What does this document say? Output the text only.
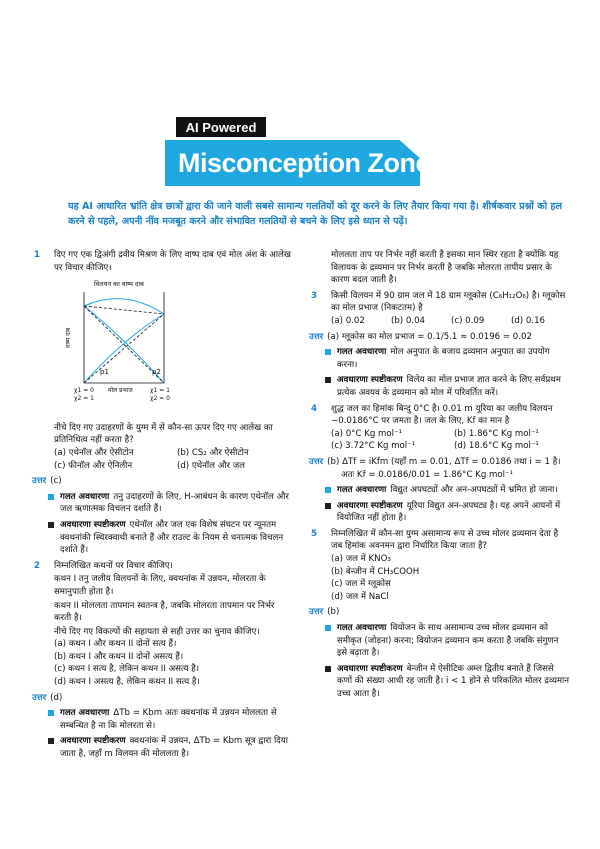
AI Powered
Misconception Zone
यह AI आधारित भ्रांति क्षेत्र छात्रों द्वारा की जाने वाली सबसे सामान्य गलतियों को दूर करने के लिए तैयार किया गया है। शीर्षकवार प्रश्नों को हल करने से पहले, अपनी नींव मजबूत करने और संभावित गलतियों से बचने के लिए इसे ध्यान से पढ़ें।
1 दिए गए एक द्विअंगी द्रवीय मिश्रण के लिए वाष्प दाब एवं मोल अंश के आलेख पर विचार कीजिए।
विलयन का वाष्प दाब
वाष्प दाब
p1	p2
χ1 = 0
χ2 = 1
χ1 = 1
χ2 = 0
मोल प्रभाज
नीचे दिए गए उदाहरणों के युग्म में से कौन-सा ऊपर दिए गए आलेख का प्रतिनिधित्व नहीं करता है?
(a) एथेनॉल और ऐसीटोन	(b) CS₂ और ऐसीटोन
(c) फीनॉल और ऐनिलीन	(d) एथेनॉल और जल
उत्तर (c)
गलत अवधारणा तनु उदाहरणों के लिए, H-आबंधन के कारण एथेनॉल और जल ऋणात्मक विचलन दर्शाते हैं।
अवधारणा स्पष्टीकरण एथेनॉल और जल एक विशेष संघटन पर न्यूनतम क्वथनांकी स्थिरक्वाथी बनाते हैं और राउल्ट के नियम से धनात्मक विचलन दर्शाते हैं।
2 निम्नलिखित कथनों पर विचार कीजिए।
कथन I तनु जलीय विलयनों के लिए, क्वथनांक में उन्नयन, मोलरता के समानुपाती होता है।
कथन II मोललता तापमान स्वतन्त्र है, जबकि मोलरता तापमान पर निर्भर करती है।
नीचे दिए गए विकल्पों की सहायता से सही उत्तर का चुनाव कीजिए।
(a) कथन I और कथन II दोनों सत्य हैं।
(b) कथन I और कथन II दोनों असत्य हैं।
(c) कथन I सत्य है, लेकिन कथन II असत्य है।
(d) कथन I असत्य है, लेकिन कथन II सत्य है।
उत्तर (d)
गलत अवधारणा ΔTb = Kbm अतः क्वथनांक में उन्नयन मोललता से सम्बन्धित है ना कि मोलरता से।
अवधारणा स्पष्टीकरण क्वथनांक में उन्नयन, ΔTb = Kbm सूत्र द्वारा दिया जाता है, जहाँ m विलयन की मोललता है।
मोललता ताप पर निर्भर नहीं करती है इसका मान स्थिर रहता है क्योंकि यह विलायक के द्रव्यमान पर निर्भर करती है जबकि मोलरता तापीय प्रसार के कारण बदल जाती है।
3 किसी विलयन में 90 ग्राम जल में 18 ग्राम ग्लूकोस (C₆H₁₂O₆) है। ग्लूकोस का मोल प्रभाज (निकटतम) है
(a) 0.02	(b) 0.04	(c) 0.09	(d) 0.16
उत्तर (a) ग्लूकोस का मोल प्रभाज = 0.1/5.1 ≈ 0.0196 ≃ 0.02
गलत अवधारणा मोल अनुपात के बजाय द्रव्यमान अनुपात का उपयोग करना।
अवधारणा स्पष्टीकरण विलेय का मोल प्रभाज ज्ञात करने के लिए सर्वप्रथम प्रत्येक अवयव के द्रव्यमान को मोल में परिवर्तित करें।
4 शुद्ध जल का हिमांक बिन्दु 0°C है। 0.01 m यूरिया का जलीय विलयन −0.0186°C पर जमता है। जल के लिए, Kf का मान है
(a) 0°C Kg mol⁻¹	(b) 1.86°C Kg mol⁻¹
(c) 3.72°C Kg mol⁻¹	(d) 18.6°C Kg mol⁻¹
उत्तर (b) ΔTf = iKfm (यहाँ m = 0.01, ΔTf = 0.0186 तथा i = 1 है।
अतः Kf = 0.0186/0.01 = 1.86°C Kg mol⁻¹
गलत अवधारणा विद्युत अपघट्यों और अन-अपघट्यों में भ्रमित हो जाना।
अवधारणा स्पष्टीकरण यूरिया विद्युत अन-अपघट्य है। यह अपने आयनों में वियोजित नहीं होता है।
5 निम्नलिखित में कौन-सा युग्म असामान्य रूप से उच्च मोलर द्रव्यमान देता है जब हिमांक अवनमन द्वारा निर्धारित किया जाता है?
(a) जल में KNO₃
(b) बेन्जीन में CH₃COOH
(c) जल में ग्लूकोस
(d) जल में NaCl
उत्तर (b)
गलत अवधारणा वियोजन के साथ असामान्य उच्च मोलर द्रव्यमान को समीकृत (जोड़ना) करना; वियोजन द्रव्यमान कम करता है जबकि संगुणन इसे बढ़ाता है।
अवधारणा स्पष्टीकरण बेन्जीन में ऐसीटिक अम्ल द्वितीय बनाते हैं जिससे कणों की संख्या आधी रह जाती है। i < 1 होने से परिकलित मोलर द्रव्यमान उच्च आता है।
